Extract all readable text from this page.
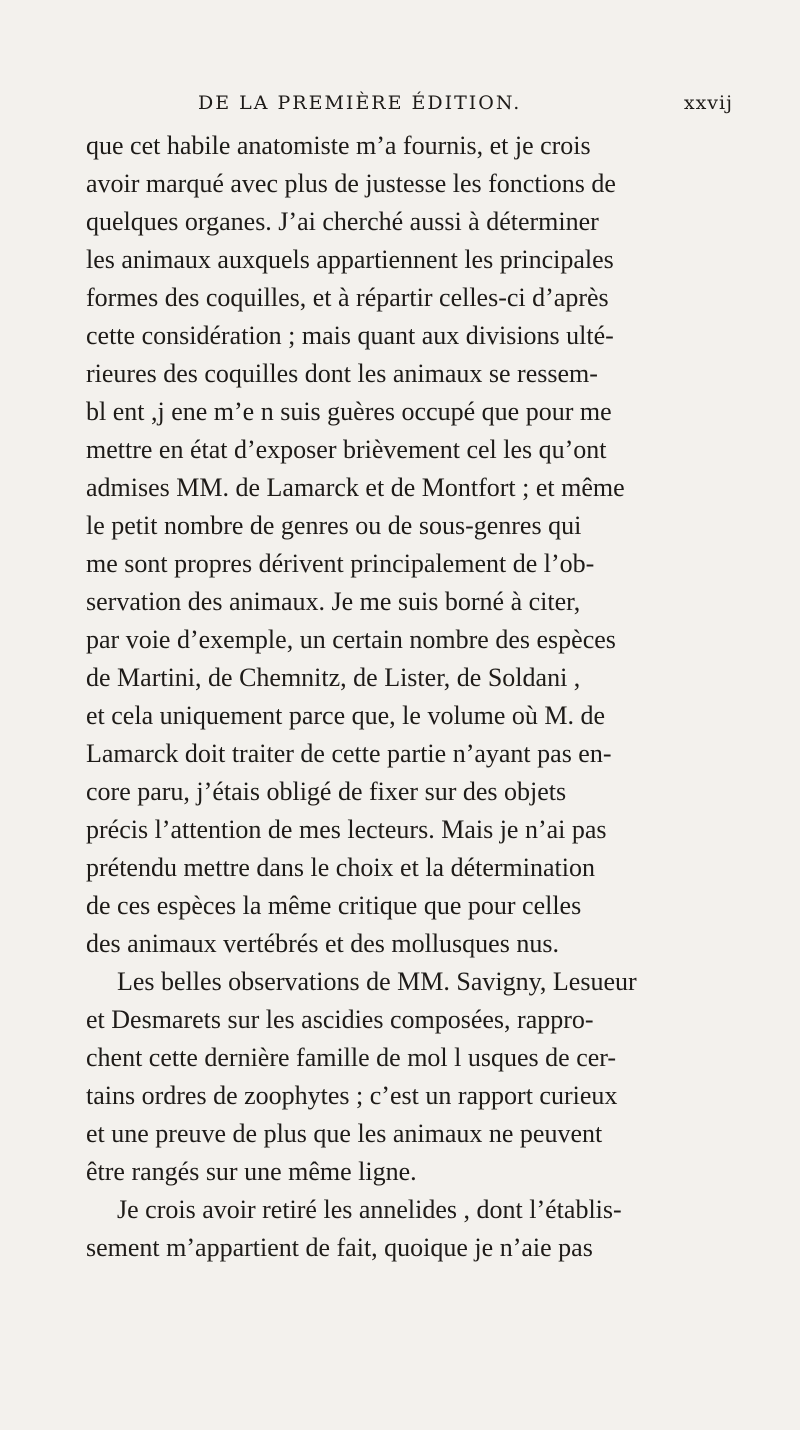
DE LA PREMIÈRE ÉDITION.	xxvij
que cet habile anatomiste m’a fournis, et je crois
avoir marqué avec plus de justesse les fonctions de
quelques organes. J’ai cherché aussi à déterminer
les animaux auxquels appartiennent les principales
formes des coquilles, et à répartir celles-ci d’après
cette considération ; mais quant aux divisions ulté-
rieures des coquilles dont les animaux se ressem-
bl ent ,j ene m’e n suis guères occupé que pour me
mettre en état d’exposer brièvement cel les qu’ont
admises MM. de Lamarck et de Montfort ; et même
le petit nombre de genres ou de sous-genres qui
me sont propres dérivent principalement de l’ob-
servation des animaux. Je me suis borné à citer,
par voie d’exemple, un certain nombre des espèces
de Martini, de Chemnitz, de Lister, de Soldani ,
et cela uniquement parce que, le volume où M. de
Lamarck doit traiter de cette partie n’ayant pas en-
core paru, j’étais obligé de fixer sur des objets
précis l’attention de mes lecteurs. Mais je n’ai pas
prétendu mettre dans le choix et la détermination
de ces espèces la même critique que pour celles
des animaux vertébrés et des mollusques nus.
Les belles observations de MM. Savigny, Lesueur
et Desmarets sur les ascidies composées, rappro-
chent cette dernière famille de mol l usques de cer-
tains ordres de zoophytes ; c’est un rapport curieux
et une preuve de plus que les animaux ne peuvent
être rangés sur une même ligne.
Je crois avoir retiré les annelides , dont l’établis-
sement m’appartient de fait, quoique je n’aie pas
